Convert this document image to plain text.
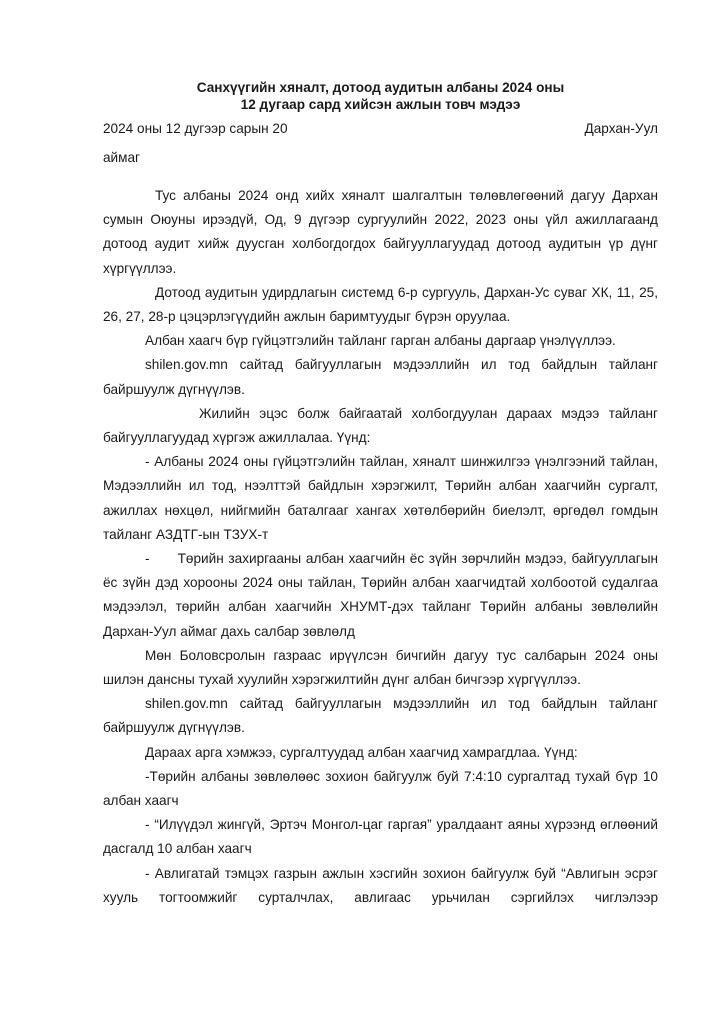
Санхүүгийн хяналт, дотоод аудитын албаны 2024 оны
12 дугаар сард хийсэн ажлын товч мэдээ
2024 оны 12 дугээр сарын 20	Дархан-Уул
аймаг

Тус албаны 2024 онд хийх хяналт шалгалтын төлөвлөгөөний дагуу Дархан сумын Оюуны ирээдүй, Од, 9 дүгээр сургуулийн 2022, 2023 оны үйл ажиллагаанд дотоод аудит хийж дуусган холбогдогдох байгууллагуудад дотоод аудитын үр дүнг хүргүүллээ.

Дотоод аудитын удирдлагын системд 6-р сургууль, Дархан-Ус суваг ХК, 11, 25, 26, 27, 28-р цэцэрлэгүүдийн ажлын баримтуудыг бүрэн оруулаа.

Албан хаагч бүр гүйцэтгэлийн тайланг гарган албаны даргаар үнэлүүллээ.

shilen.gov.mn сайтад байгууллагын мэдээллийн ил тод байдлын тайланг байршуулж дүгнүүлэв.

Жилийн эцэс болж байгаатай холбогдуулан дараах мэдээ тайланг байгууллагуудад хүргэж ажиллалаа. Үүнд:

- Албаны 2024 оны гүйцэтгэлийн тайлан, хяналт шинжилгээ үнэлгээний тайлан, Мэдээллийн ил тод, нээлттэй байдлын хэрэгжилт, Төрийн албан хаагчийн сургалт, ажиллах нөхцөл, нийгмийн баталгааг хангах хөтөлбөрийн биелэлт, өргөдөл гомдын тайланг АЗДТГ-ын ТЗУХ-т

-      Төрийн захиргааны албан хаагчийн ёс зүйн зөрчлийн мэдээ, байгууллагын ёс зүйн дэд хорооны 2024 оны тайлан, Төрийн албан хаагчидтай холбоотой судалгаа мэдээлэл, төрийн албан хаагчийн ХНУМТ-дэх тайланг Төрийн албаны зөвлөлийн Дархан-Уул аймаг дахь салбар зөвлөлд

Мөн Боловсролын газраас ирүүлсэн бичгийн дагуу тус салбарын 2024 оны шилэн дансны тухай хуулийн хэрэгжилтийн дүнг албан бичгээр хүргүүллээ.

shilen.gov.mn сайтад байгууллагын мэдээллийн ил тод байдлын тайланг байршуулж дүгнүүлэв.

Дараах арга хэмжээ, сургалтуудад албан хаагчид хамрагдлаа. Үүнд:

-Төрийн албаны зөвлөлөөс зохион байгуулж буй 7:4:10 сургалтад тухай бүр 10 албан хаагч

- “Илүүдэл жингүй, Эртэч Монгол-цаг гаргая” уралдаант аяны хүрээнд өглөөний дасгалд 10 албан хаагч

- Авлигатай тэмцэх газрын ажлын хэсгийн зохион байгуулж буй “Авлигын эсрэг хууль тогтоомжийг сурталчлах, авлигаас урьчилан сэргийлэх чиглэлээр
